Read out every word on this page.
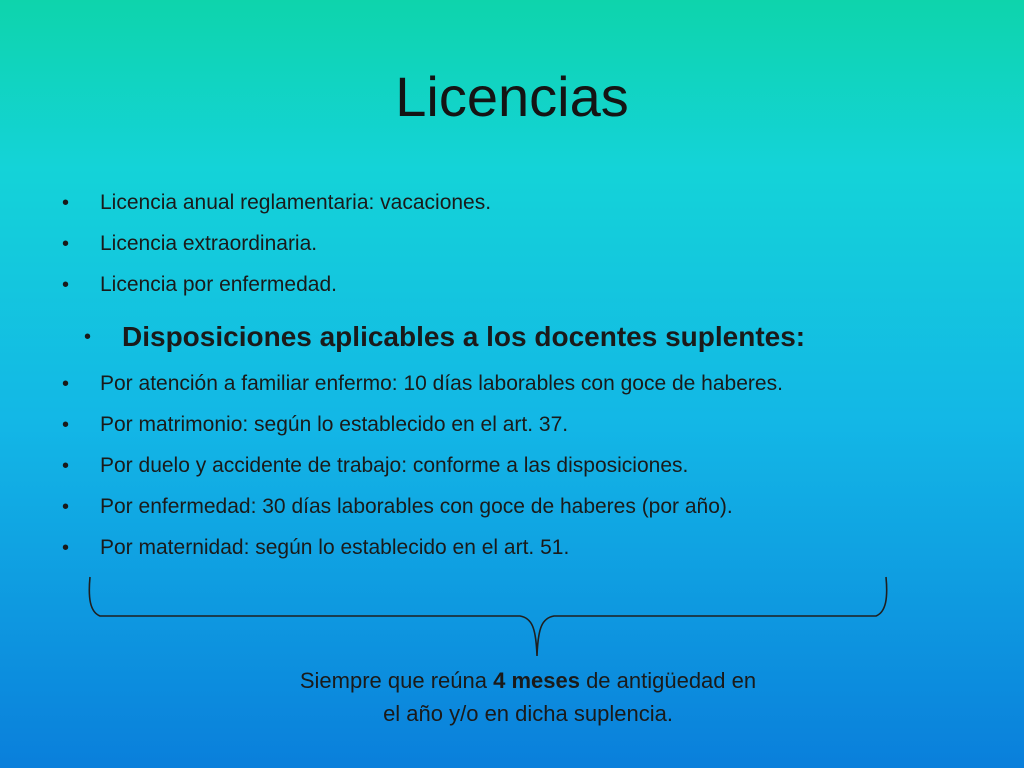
Licencias
•	Licencia anual reglamentaria: vacaciones.
•	Licencia extraordinaria.
•	Licencia por enfermedad.
•	Disposiciones aplicables a los docentes suplentes:
•	Por atención a familiar enfermo: 10 días laborables con goce de haberes.
•	Por matrimonio: según lo establecido en el art. 37.
•	Por duelo y accidente de trabajo: conforme a las disposiciones.
•	Por enfermedad: 30 días laborables con goce de haberes (por año).
•	Por maternidad: según lo establecido en el art. 51.
Siempre que reúna 4 meses de antigüedad en
el año y/o en dicha suplencia.
